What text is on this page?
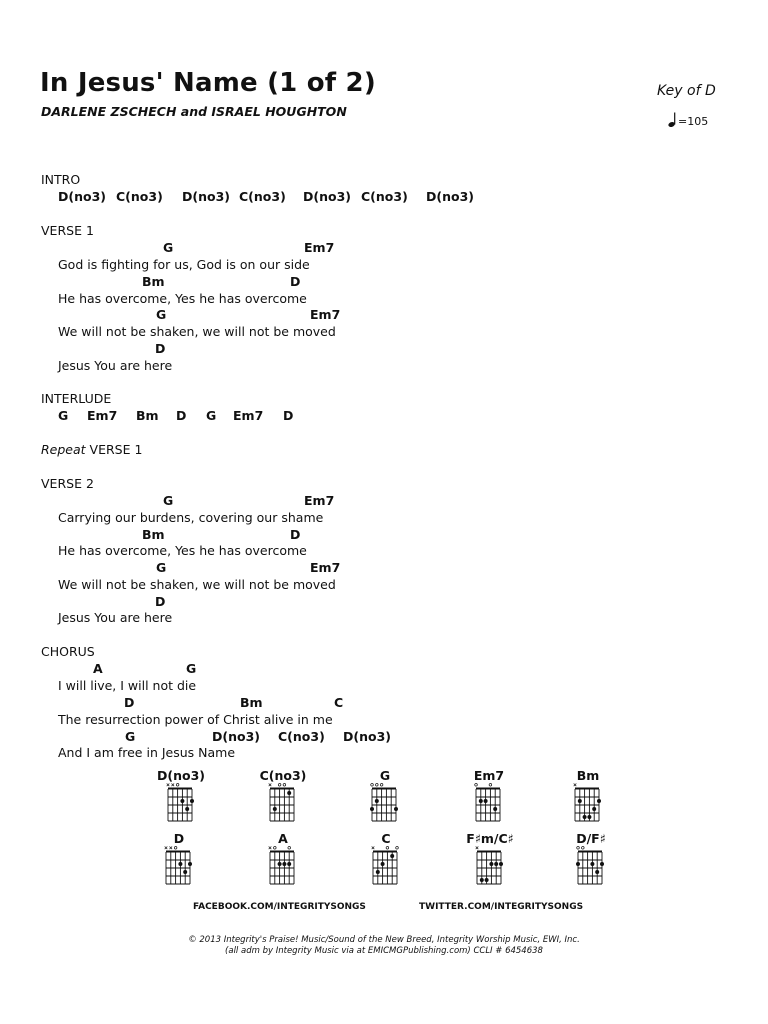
In Jesus' Name (1 of 2)
DARLENE ZSCHECH and ISRAEL HOUGHTON
Key of D
=105
INTRO
D(no3) C(no3) D(no3) C(no3) D(no3) C(no3) D(no3)
VERSE 1
G	Em7
God is fighting for us, God is on our side
Bm	D
He has overcome, Yes he has overcome
G	Em7
We will not be shaken, we will not be moved
D
Jesus You are here
INTERLUDE
G Em7 Bm D G Em7 D
Repeat VERSE 1
VERSE 2
G	Em7
Carrying our burdens, covering our shame
Bm	D
He has overcome, Yes he has overcome
G	Em7
We will not be shaken, we will not be moved
D
Jesus You are here
CHORUS
A	G
I will live, I will not die
D	Bm	C
The resurrection power of Christ alive in me
G	D(no3) C(no3) D(no3)
And I am free in Jesus Name
D(no3)	C(no3)	G	Em7	Bm
D	A	C	F♯m/C♯	D/F♯
FACEBOOK.COM/INTEGRITYSONGS	TWITTER.COM/INTEGRITYSONGS
© 2013 Integrity's Praise! Music/Sound of the New Breed, Integrity Worship Music, EWI, Inc.
(all adm by Integrity Music via at EMICMGPublishing.com) CCLI # 6454638
